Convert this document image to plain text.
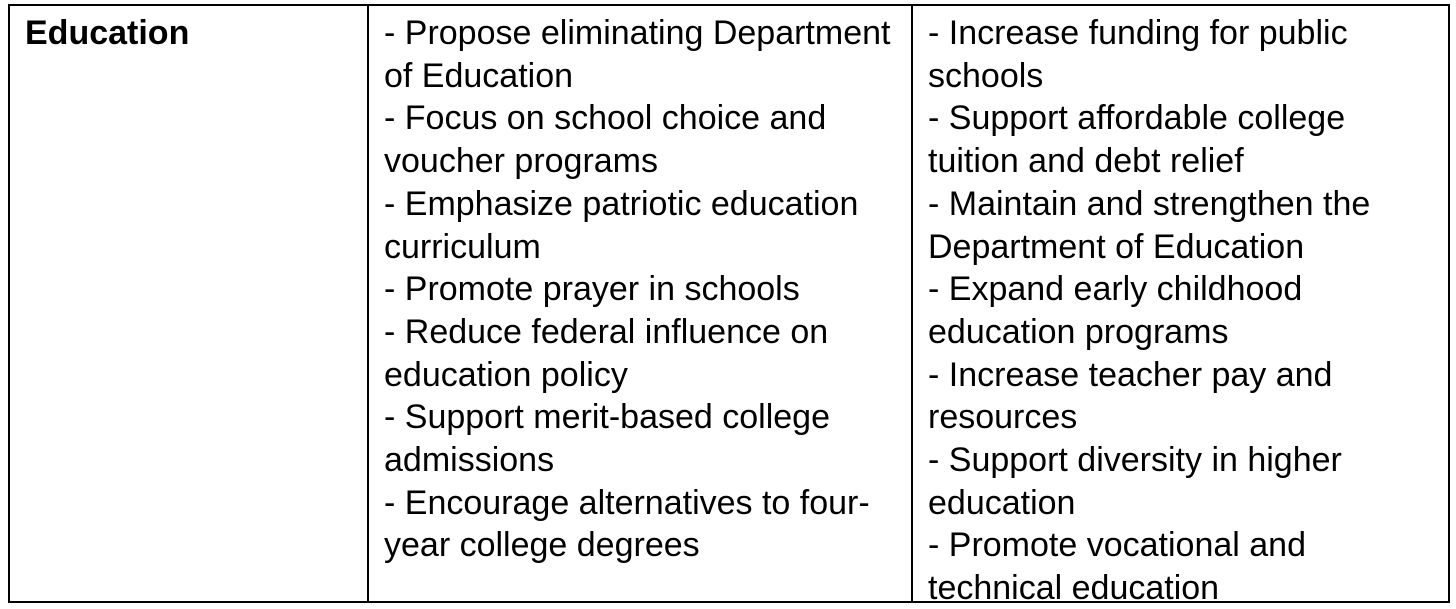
Education	- Propose eliminating Department of Education
- Focus on school choice and voucher programs
- Emphasize patriotic education curriculum
- Promote prayer in schools
- Reduce federal influence on education policy
- Support merit-based college admissions
- Encourage alternatives to four-year college degrees
- Increase funding for public schools
- Support affordable college tuition and debt relief
- Maintain and strengthen the Department of Education
- Expand early childhood education programs
- Increase teacher pay and resources
- Support diversity in higher education
- Promote vocational and technical education
